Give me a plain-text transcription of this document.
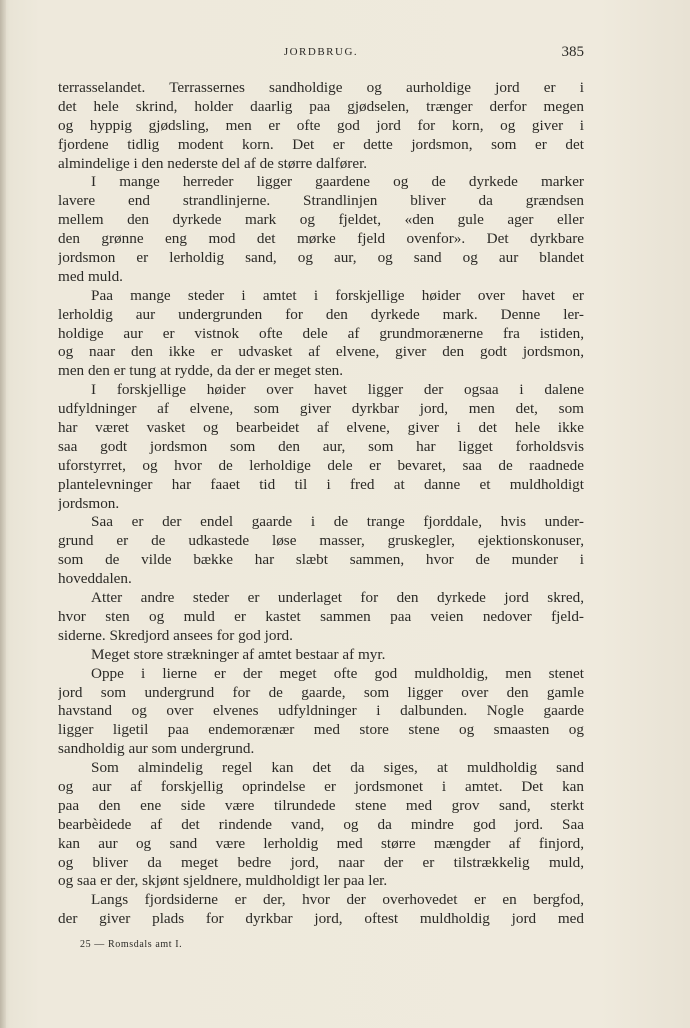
JORDBRUG.	385
terrasselandet. Terrassernes sandholdige og aurholdige jord er i
det hele skrind, holder daarlig paa gjødselen, trænger derfor megen
og hyppig gjødsling, men er ofte god jord for korn, og giver i
fjordene tidlig modent korn. Det er dette jordsmon, som er det
almindelige i den nederste del af de større dalfører.
I mange herreder ligger gaardene og de dyrkede marker
lavere end strandlinjerne. Strandlinjen bliver da grændsen
mellem den dyrkede mark og fjeldet, «den gule ager eller
den grønne eng mod det mørke fjeld ovenfor». Det dyrkbare
jordsmon er lerholdig sand, og aur, og sand og aur blandet
med muld.
Paa mange steder i amtet i forskjellige høider over havet er
lerholdig aur undergrunden for den dyrkede mark. Denne ler-
holdige aur er vistnok ofte dele af grundmorænerne fra istiden,
og naar den ikke er udvasket af elvene, giver den godt jordsmon,
men den er tung at rydde, da der er meget sten.
I forskjellige høider over havet ligger der ogsaa i dalene
udfyldninger af elvene, som giver dyrkbar jord, men det, som
har været vasket og bearbeidet af elvene, giver i det hele ikke
saa godt jordsmon som den aur, som har ligget forholdsvis
uforstyrret, og hvor de lerholdige dele er bevaret, saa de raadnede
plantelevninger har faaet tid til i fred at danne et muldholdigt
jordsmon.
Saa er der endel gaarde i de trange fjorddale, hvis under-
grund er de udkastede løse masser, gruskegler, ejektionskonuser,
som de vilde bække har slæbt sammen, hvor de munder i
hoveddalen.
Atter andre steder er underlaget for den dyrkede jord skred,
hvor sten og muld er kastet sammen paa veien nedover fjeld-
siderne. Skredjord ansees for god jord.
Meget store strækninger af amtet bestaar af myr.
Oppe i lierne er der meget ofte god muldholdig, men stenet
jord som undergrund for de gaarde, som ligger over den gamle
havstand og over elvenes udfyldninger i dalbunden. Nogle gaarde
ligger ligetil paa endemorænær med store stene og smaasten og
sandholdig aur som undergrund.
Som almindelig regel kan det da siges, at muldholdig sand
og aur af forskjellig oprindelse er jordsmonet i amtet. Det kan
paa den ene side være tilrundede stene med grov sand, sterkt
bearbèidede af det rindende vand, og da mindre god jord. Saa
kan aur og sand være lerholdig med større mængder af finjord,
og bliver da meget bedre jord, naar der er tilstrækkelig muld,
og saa er der, skjønt sjeldnere, muldholdigt ler paa ler.
Langs fjordsiderne er der, hvor der overhovedet er en bergfod,
der giver plads for dyrkbar jord, oftest muldholdig jord med
25 — Romsdals amt I.
